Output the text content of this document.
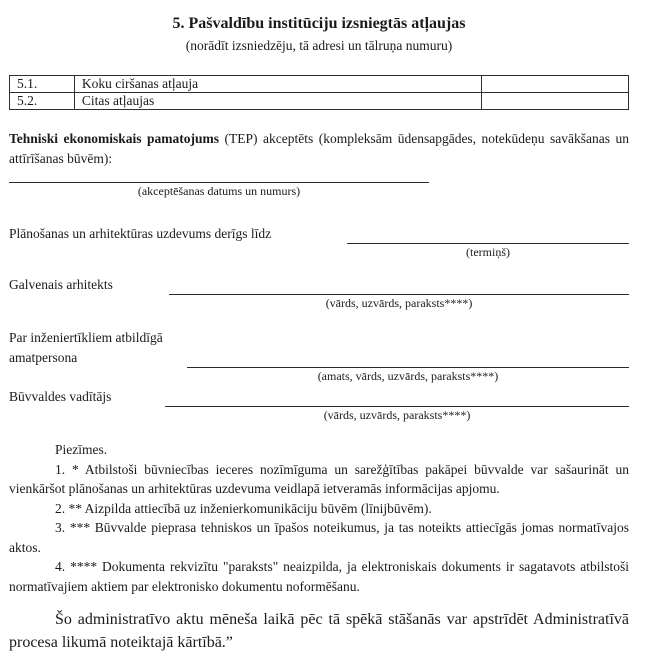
5. Pašvaldību institūciju izsniegtās atļaujas
(norādīt izsniedzēju, tā adresi un tālruņa numuru)
5.1.	Koku ciršanas atļauja	
5.2.	Citas atļaujas	

Tehniski ekonomiskais pamatojums (TEP) akceptēts (kompleksām ūdensapgādes, notekūdeņu savākšanas un attīrīšanas būvēm):

(akceptēšanas datums un numurs)
Plānošanas un arhitektūras uzdevums derīgs līdz
(termiņš)
Galvenais arhitekts
(vārds, uzvārds, paraksts****)
Par inženiertīkliem atbildīgā amatpersona
(amats, vārds, uzvārds, paraksts****)
Būvvaldes vadītājs
(vārds, uzvārds, paraksts****)

Piezīmes.

1. * Atbilstoši būvniecības ieceres nozīmīguma un sarežģītības pakāpei būvvalde var sašaurināt un vienkāršot plānošanas un arhitektūras uzdevuma veidlapā ietveramās informācijas apjomu.

2. ** Aizpilda attiecībā uz inženierkomunikāciju būvēm (līnijbūvēm).

3. *** Būvvalde pieprasa tehniskos un īpašos noteikumus, ja tas noteikts attiecīgās jomas normatīvajos aktos.

4. **** Dokumenta rekvizītu "paraksts" neaizpilda, ja elektroniskais dokuments ir sagatavots atbilstoši normatīvajiem aktiem par elektronisko dokumentu noformēšanu.

Šo administratīvo aktu mēneša laikā pēc tā spēkā stāšanās var apstrīdēt Administratīvā procesa likumā noteiktajā kārtībā.”
